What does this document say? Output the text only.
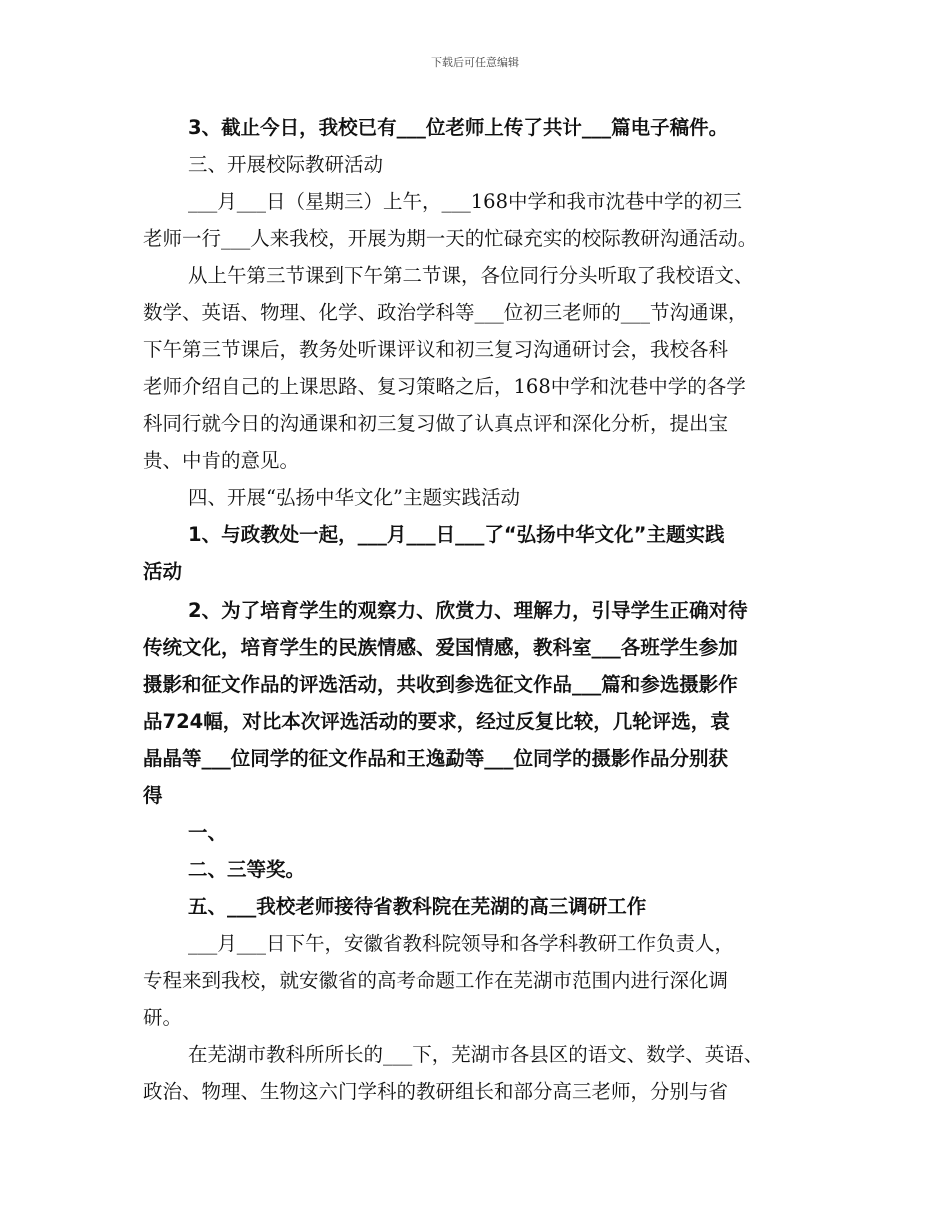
下载后可任意编辑
3、截止今日，我校已有___位老师上传了共计___篇电子稿件。
三、开展校际教研活动
___月___日（星期三）上午，___168中学和我市沈巷中学的初三
老师一行___人来我校，开展为期一天的忙碌充实的校际教研沟通活动。
从上午第三节课到下午第二节课，各位同行分头听取了我校语文、
数学、英语、物理、化学、政治学科等___位初三老师的___节沟通课，
下午第三节课后，教务处听课评议和初三复习沟通研讨会，我校各科
老师介绍自己的上课思路、复习策略之后，168中学和沈巷中学的各学
科同行就今日的沟通课和初三复习做了认真点评和深化分析，提出宝
贵、中肯的意见。
四、开展“弘扬中华文化”主题实践活动
1、与政教处一起，___月___日___了“弘扬中华文化”主题实践
活动
2、为了培育学生的观察力、欣赏力、理解力，引导学生正确对待
传统文化，培育学生的民族情感、爱国情感，教科室___各班学生参加
摄影和征文作品的评选活动，共收到参选征文作品___篇和参选摄影作
品724幅，对比本次评选活动的要求，经过反复比较，几轮评选，袁
晶晶等___位同学的征文作品和王逸勐等___位同学的摄影作品分别获
得
一、
二、三等奖。
五、___我校老师接待省教科院在芜湖的高三调研工作
___月___日下午，安徽省教科院领导和各学科教研工作负责人，
专程来到我校，就安徽省的高考命题工作在芜湖市范围内进行深化调
研。
在芜湖市教科所所长的___下，芜湖市各县区的语文、数学、英语、
政治、物理、生物这六门学科的教研组长和部分高三老师，分别与省
